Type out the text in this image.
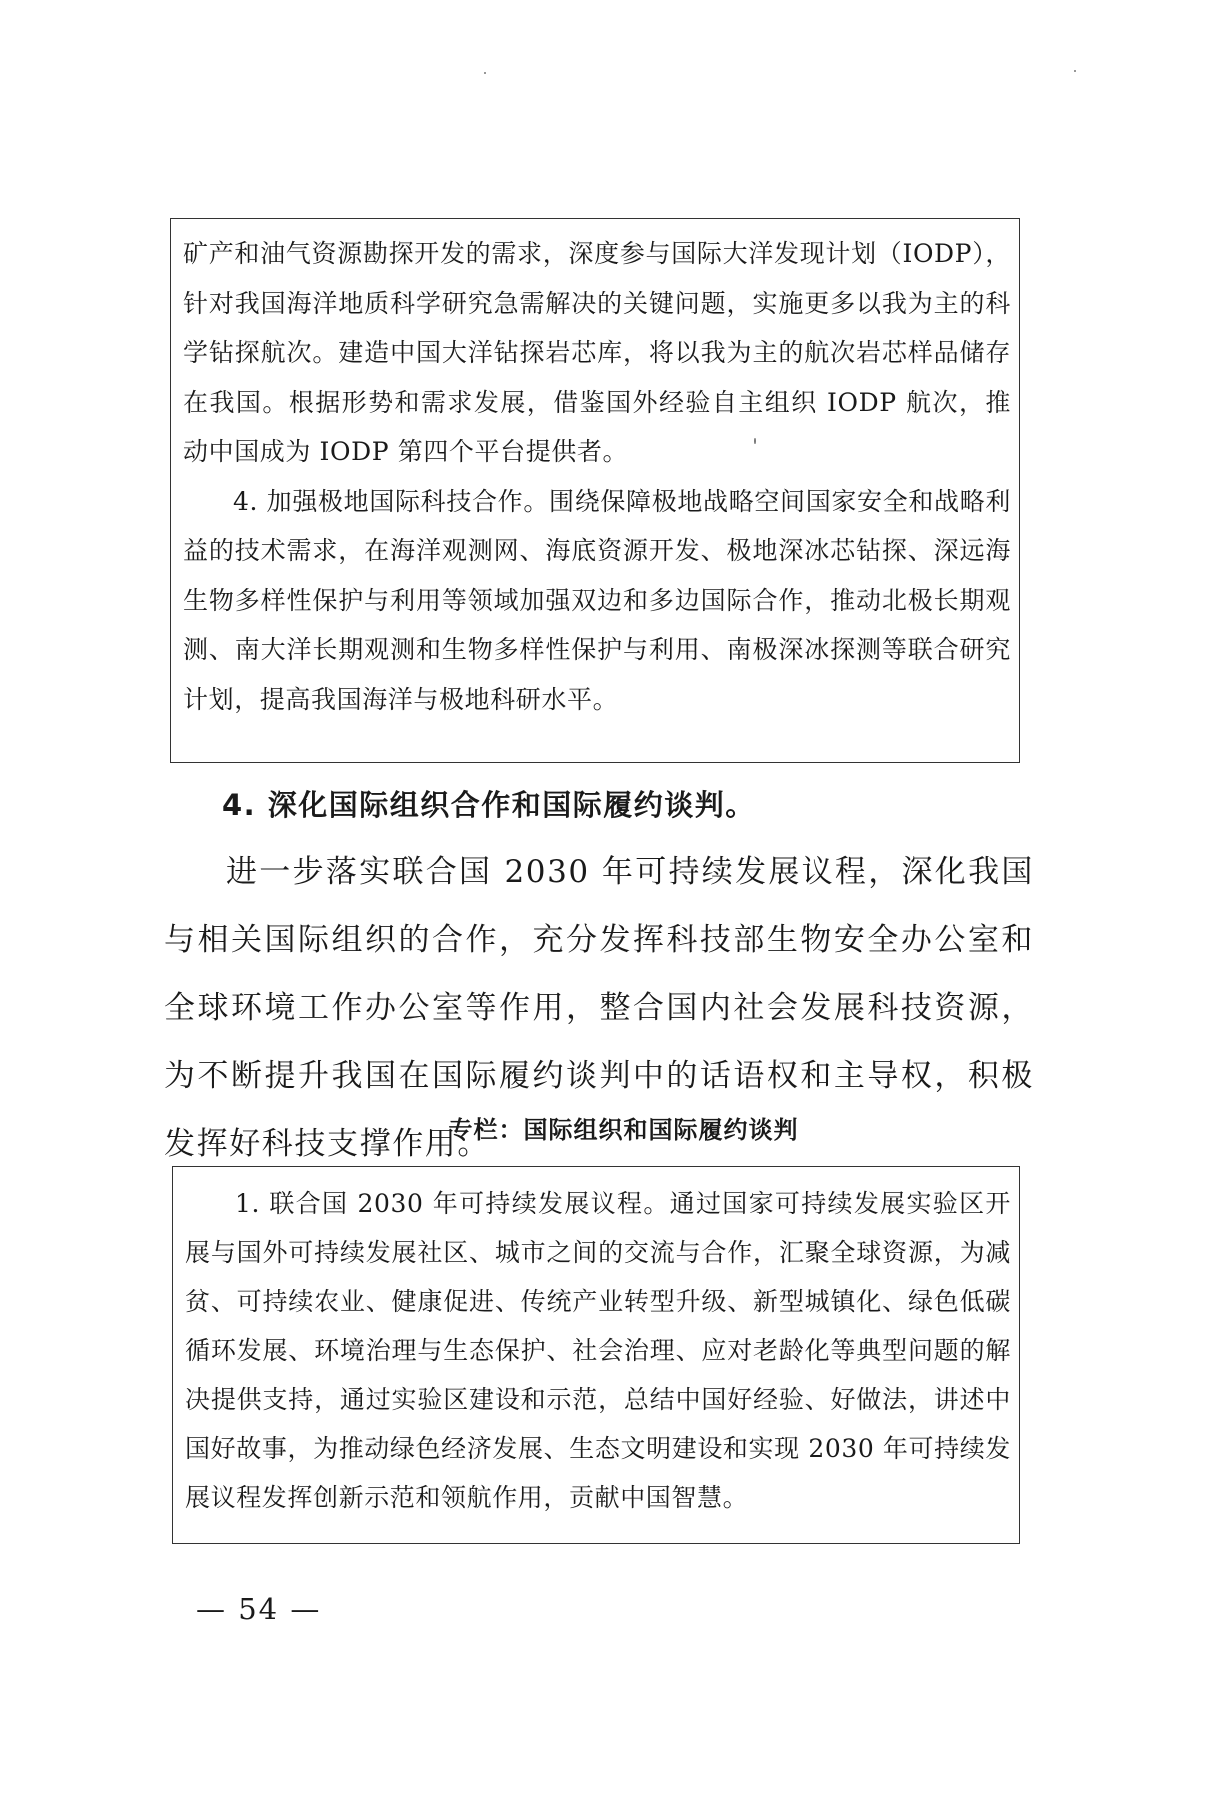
矿产和油气资源勘探开发的需求，深度参与国际大洋发现计划（IODP），针对我国海洋地质科学研究急需解决的关键问题，实施更多以我为主的科学钻探航次。建造中国大洋钻探岩芯库，将以我为主的航次岩芯样品储存在我国。根据形势和需求发展，借鉴国外经验自主组织 IODP 航次，推动中国成为 IODP 第四个平台提供者。

4. 加强极地国际科技合作。围绕保障极地战略空间国家安全和战略利益的技术需求，在海洋观测网、海底资源开发、极地深冰芯钻探、深远海生物多样性保护与利用等领域加强双边和多边国际合作，推动北极长期观测、南大洋长期观测和生物多样性保护与利用、南极深冰探测等联合研究计划，提高我国海洋与极地科研水平。

4. 深化国际组织合作和国际履约谈判。

进一步落实联合国 2030 年可持续发展议程，深化我国与相关国际组织的合作，充分发挥科技部生物安全办公室和全球环境工作办公室等作用，整合国内社会发展科技资源，为不断提升我国在国际履约谈判中的话语权和主导权，积极发挥好科技支撑作用。

专栏：国际组织和国际履约谈判

1. 联合国 2030 年可持续发展议程。通过国家可持续发展实验区开展与国外可持续发展社区、城市之间的交流与合作，汇聚全球资源，为减贫、可持续农业、健康促进、传统产业转型升级、新型城镇化、绿色低碳循环发展、环境治理与生态保护、社会治理、应对老龄化等典型问题的解决提供支持，通过实验区建设和示范，总结中国好经验、好做法，讲述中国好故事，为推动绿色经济发展、生态文明建设和实现 2030 年可持续发展议程发挥创新示范和领航作用，贡献中国智慧。

— 54 —
